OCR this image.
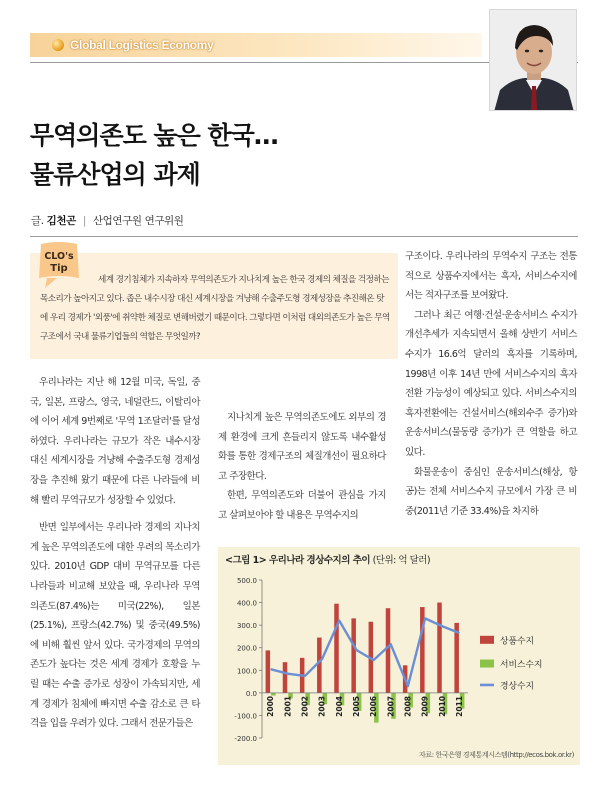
Global Logistics Economy
무역의존도 높은 한국…
물류산업의 과제
글. 김천곤 | 산업연구원 연구위원
CLO's
Tip
세계 경기침체가 지속하자 무역의존도가 지나치게 높은 한국 경제의 체질을 걱정하는 목소리가 높아지고 있다. 좁은 내수시장 대신 세계시장을 겨냥해 수출주도형 경제성장을 추진해온 탓에 우리 경제가 '외풍'에 취약한 체질로 변해버렸기 때문이다. 그렇다면 이처럼 대외의존도가 높은 무역구조에서 국내 물류기업들의 역할은 무엇일까?

우리나라는 지난 해 12월 미국, 독일, 중국, 일본, 프랑스, 영국, 네덜란드, 이탈리아에 이어 세계 9번째로 '무역 1조달러'를 달성하였다. 우리나라는 규모가 작은 내수시장 대신 세계시장을 겨냥해 수출주도형 경제성장을 추진해 왔기 때문에 다른 나라들에 비해 빨리 무역규모가 성장할 수 있었다.

반면 일부에서는 우리나라 경제의 지나치게 높은 무역의존도에 대한 우려의 목소리가 있다. 2010년 GDP 대비 무역규모를 다른 나라들과 비교해 보았을 때, 우리나라 무역의존도(87.4%)는 미국(22%), 일본(25.1%), 프랑스(42.7%) 및 중국(49.5%)에 비해 훨씬 앞서 있다. 국가경제의 무역의존도가 높다는 것은 세계 경제가 호황을 누릴 때는 수출 증가로 성장이 가속되지만, 세계 경제가 침체에 빠지면 수출 감소로 큰 타격을 입을 우려가 있다. 그래서 전문가들은

지나치게 높은 무역의존도에도 외부의 경제 환경에 크게 흔들리지 않도록 내수활성화를 통한 경제구조의 체질개선이 필요하다고 주장한다.

한편, 무역의존도와 더불어 관심을 가지고 살펴보아야 할 내용은 무역수지의

구조이다. 우리나라의 무역수지 구조는 전통적으로 상품수지에서는 흑자, 서비스수지에서는 적자구조를 보여왔다.

그러나 최근 여행·건설·운송서비스 수지가 개선추세가 지속되면서 올해 상반기 서비스 수지가 16.6억 달러의 흑자를 기록하며, 1998년 이후 14년 만에 서비스수지의 흑자전환 가능성이 예상되고 있다. 서비스수지의 흑자전환에는 건설서비스(해외수주 증가)와 운송서비스(물동량 증가)가 큰 역할을 하고 있다.

화물운송이 중심인 운송서비스(해상, 항공)는 전체 서비스수지 규모에서 가장 큰 비중(2011년 기준 33.4%)을 차지하

<그림 1> 우리나라 경상수지의 추이 (단위: 억 달러)
500.0
400.0
300.0
200.0
100.0
0.0
-100.0
-200.0
2000 2001 2002 2003 2004 2005 2006 2007 2008 2009 2010 2011
상품수지
서비스수지
경상수지
자료: 한국은행 경제통계시스템(http://ecos.bok.or.kr)
